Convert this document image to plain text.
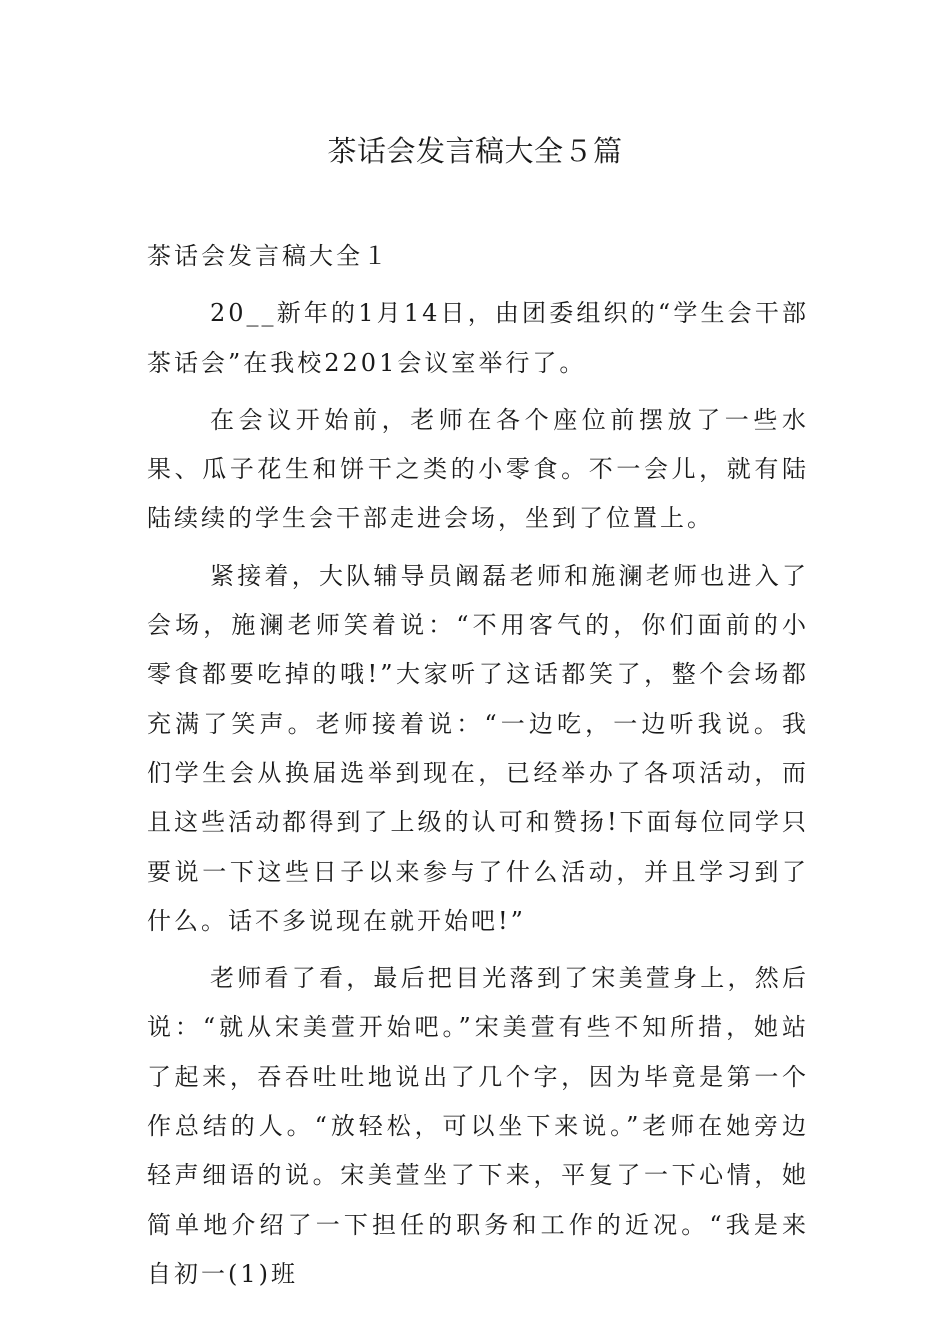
茶话会发言稿大全５篇

茶话会发言稿大全１

20__新年的1月14日，由团委组织的“学生会干部茶话会”在我校2201会议室举行了。

在会议开始前，老师在各个座位前摆放了一些水果、瓜子花生和饼干之类的小零食。不一会儿，就有陆陆续续的学生会干部走进会场，坐到了位置上。

紧接着，大队辅导员阚磊老师和施澜老师也进入了会场，施澜老师笑着说：“不用客气的，你们面前的小零食都要吃掉的哦!”大家听了这话都笑了，整个会场都充满了笑声。老师接着说：“一边吃，一边听我说。我们学生会从换届选举到现在，已经举办了各项活动，而且这些活动都得到了上级的认可和赞扬!下面每位同学只要说一下这些日子以来参与了什么活动，并且学习到了什么。话不多说现在就开始吧!”

老师看了看，最后把目光落到了宋美萱身上，然后说：“就从宋美萱开始吧。”宋美萱有些不知所措，她站了起来，吞吞吐吐地说出了几个字，因为毕竟是第一个作总结的人。“放轻松，可以坐下来说。”老师在她旁边轻声细语的说。宋美萱坐了下来，平复了一下心情，她简单地介绍了一下担任的职务和工作的近况。“我是来自初一(1)班
